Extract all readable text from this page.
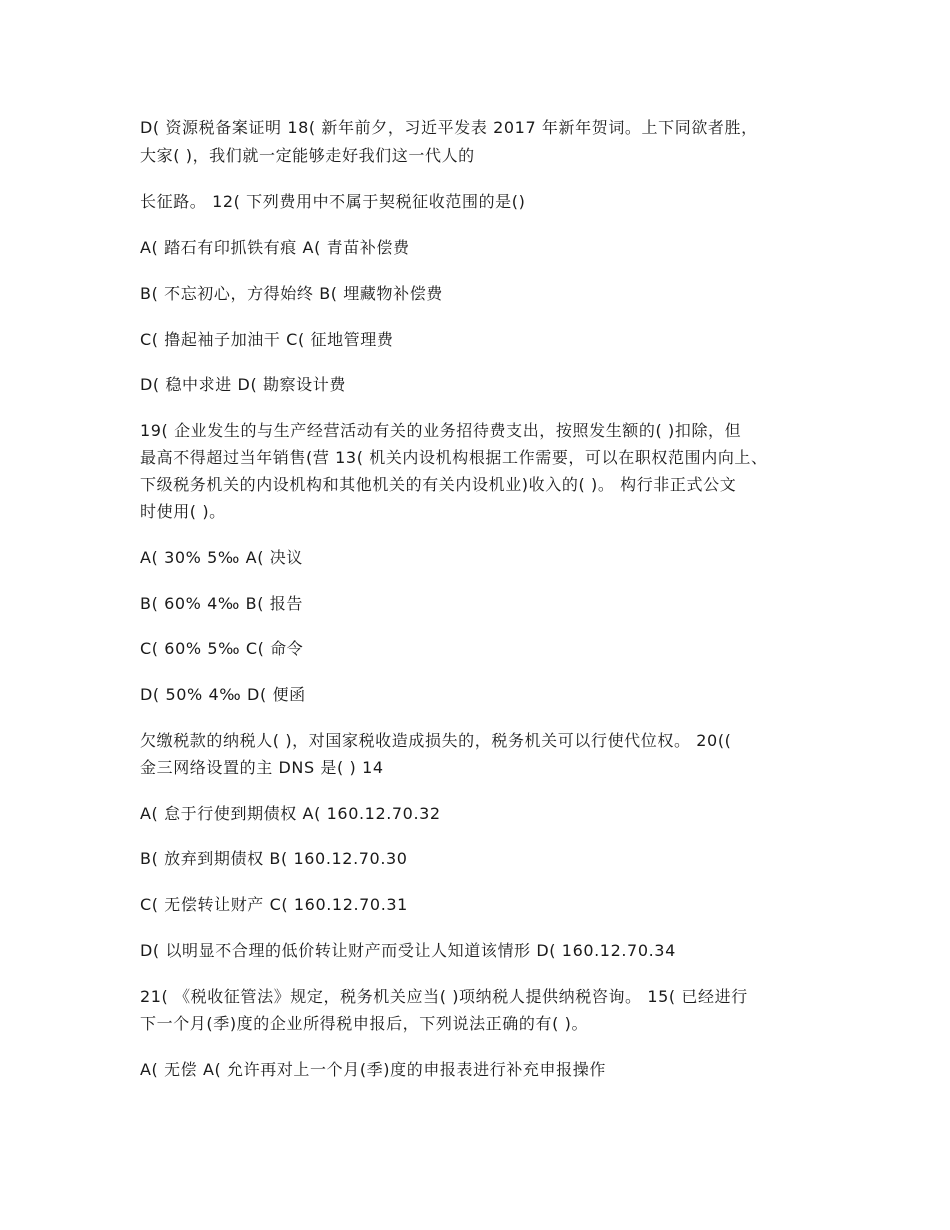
D( 资源税备案证明 18( 新年前夕，习近平发表 2017 年新年贺词。上下同欲者胜，
大家( )，我们就一定能够走好我们这一代人的
长征路。 12( 下列费用中不属于契税征收范围的是()
A( 踏石有印抓铁有痕 A( 青苗补偿费
B( 不忘初心，方得始终 B( 埋藏物补偿费
C( 撸起袖子加油干 C( 征地管理费
D( 稳中求进 D( 勘察设计费
19( 企业发生的与生产经营活动有关的业务招待费支出，按照发生额的( )扣除，但
最高不得超过当年销售(营 13( 机关内设机构根据工作需要，可以在职权范围内向上、
下级税务机关的内设机构和其他机关的有关内设机业)收入的( )。 构行非正式公文
时使用( )。
A( 30% 5‰ A( 决议
B( 60% 4‰ B( 报告
C( 60% 5‰ C( 命令
D( 50% 4‰ D( 便函
欠缴税款的纳税人( )，对国家税收造成损失的，税务机关可以行使代位权。 20((
金三网络设置的主 DNS 是( ) 14
A( 怠于行使到期债权 A( 160.12.70.32
B( 放弃到期债权 B( 160.12.70.30
C( 无偿转让财产 C( 160.12.70.31
D( 以明显不合理的低价转让财产而受让人知道该情形 D( 160.12.70.34
21( 《税收征管法》规定，税务机关应当( )项纳税人提供纳税咨询。 15( 已经进行
下一个月(季)度的企业所得税申报后，下列说法正确的有( )。
A( 无偿 A( 允许再对上一个月(季)度的申报表进行补充申报操作
